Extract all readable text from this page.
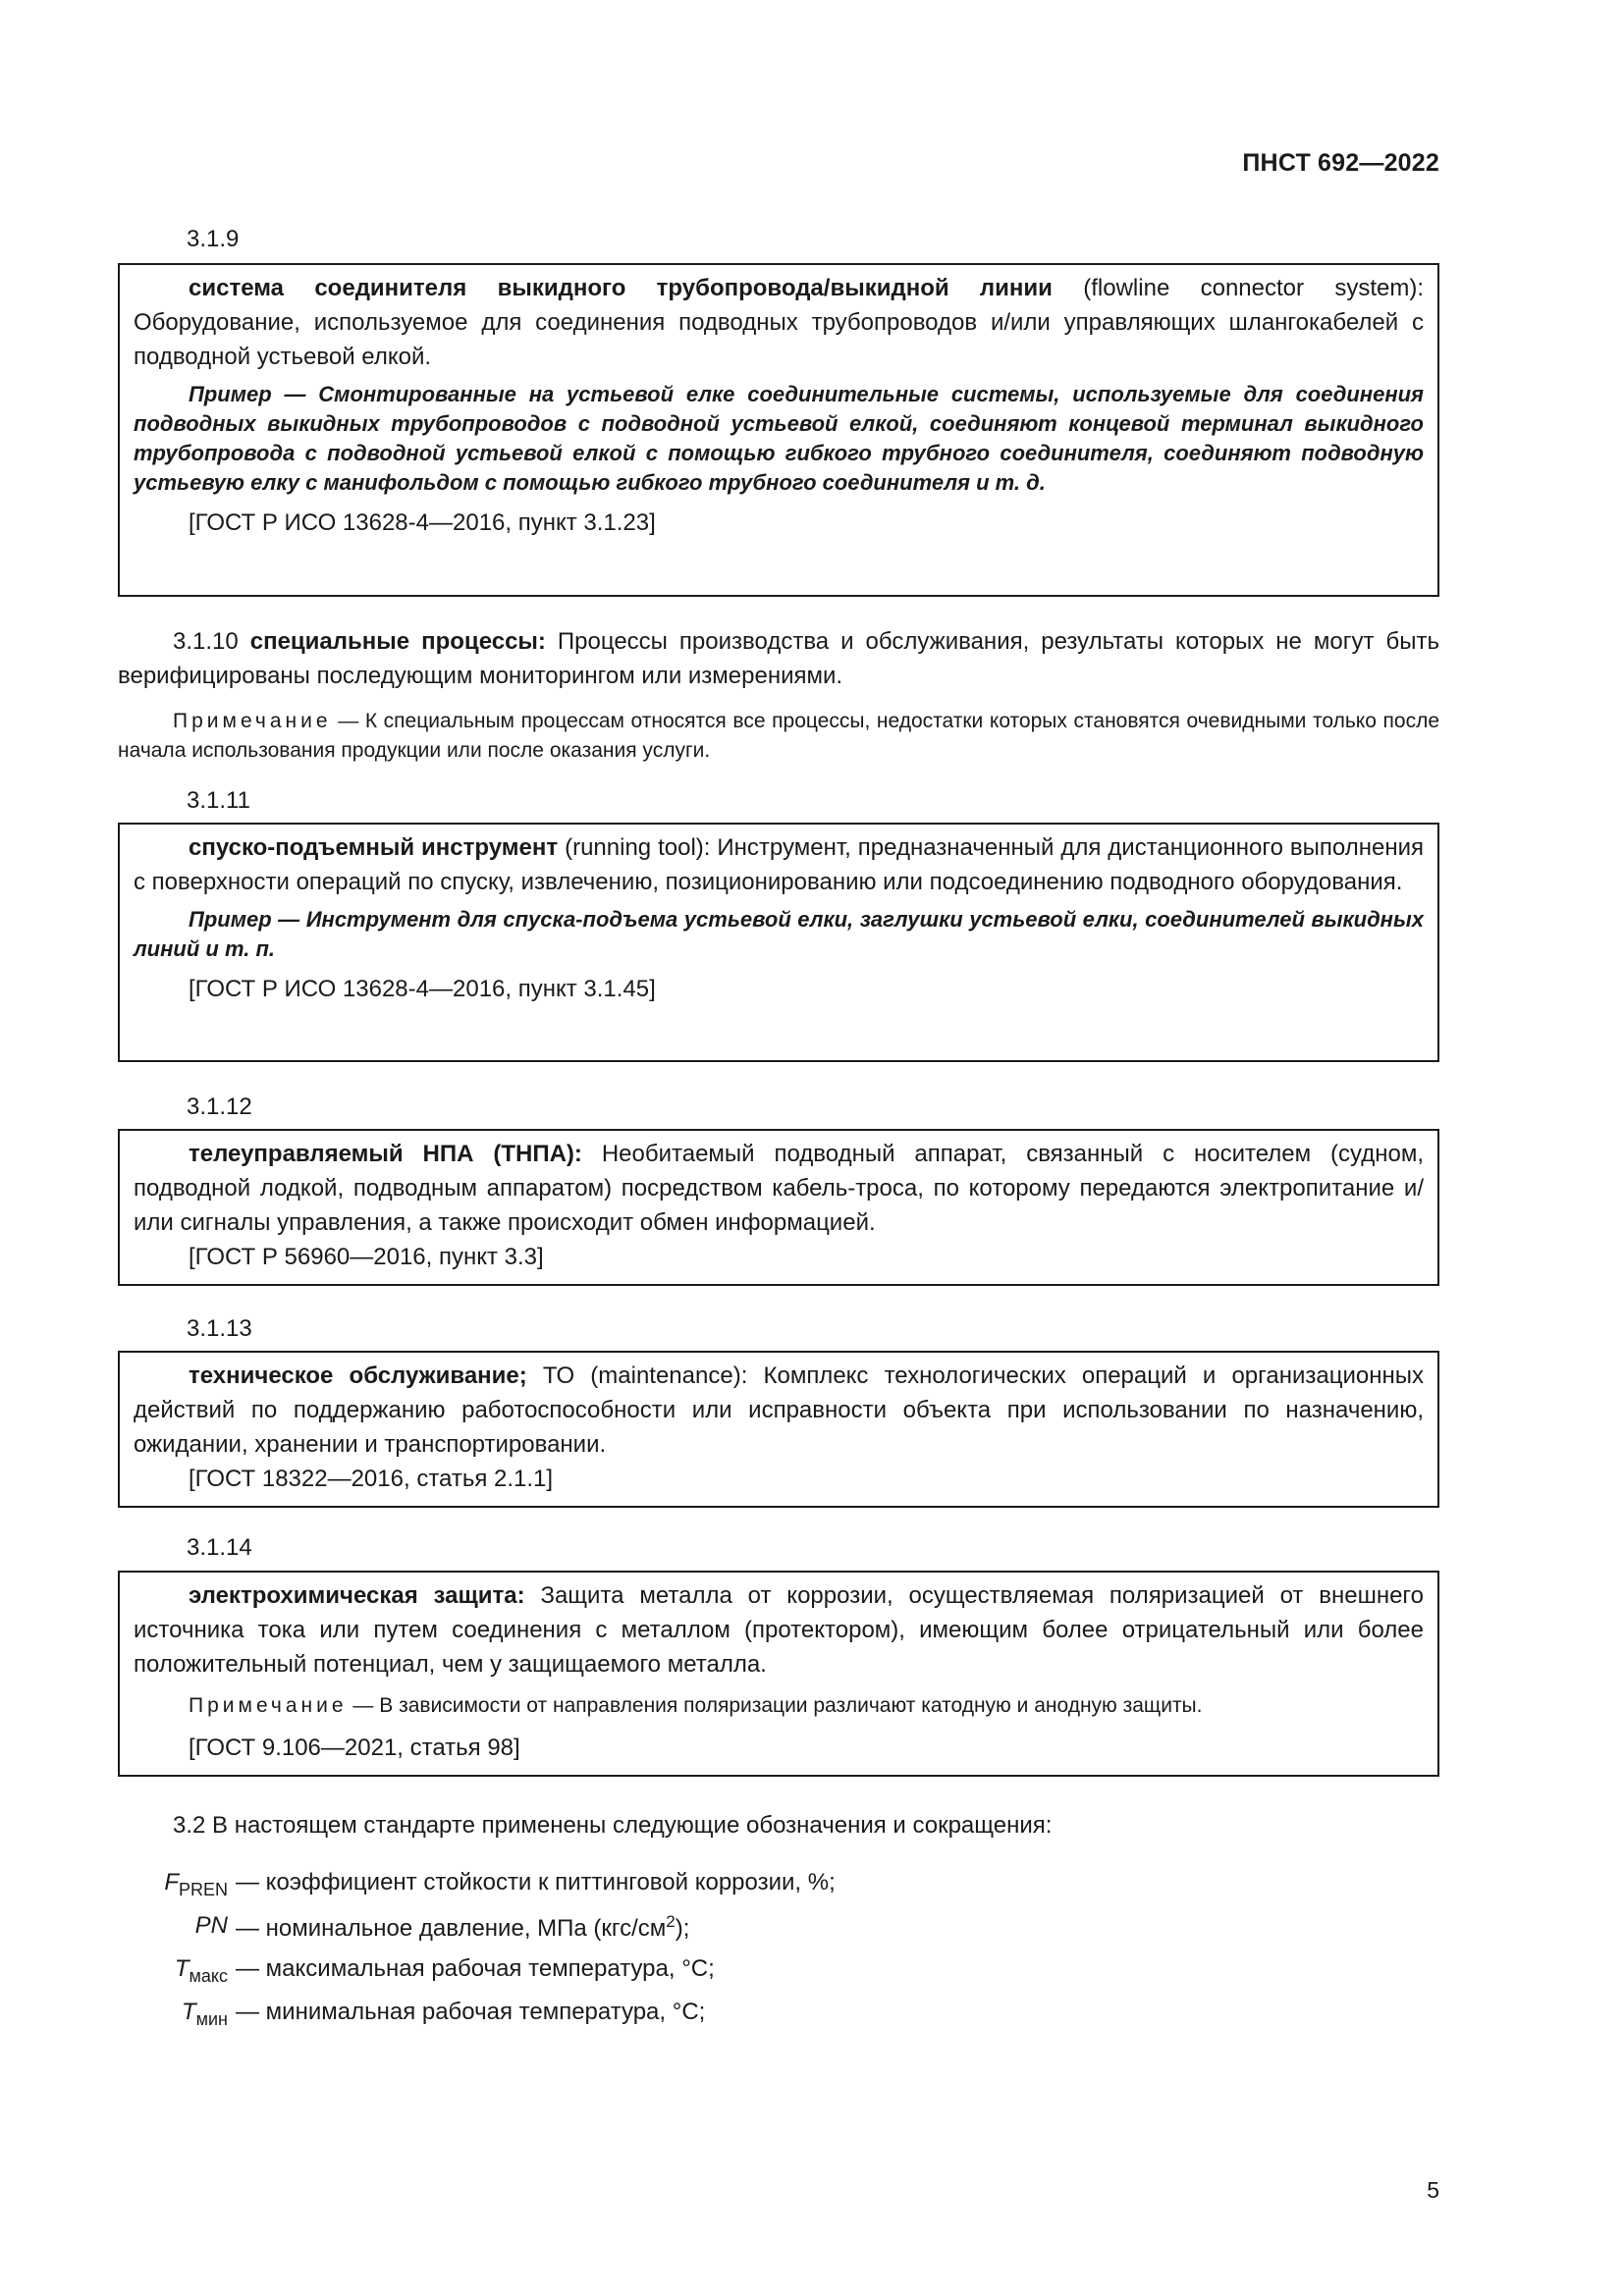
ПНСТ 692—2022
3.1.9

система соединителя выкидного трубопровода/выкидной линии (flowline connector system): Оборудование, используемое для соединения подводных трубопроводов и/или управляющих шлангокабелей с подводной устьевой елкой.

Пример — Смонтированные на устьевой елке соединительные системы, используемые для соединения подводных выкидных трубопроводов с подводной устьевой елкой, соединяют концевой терминал выкидного трубопровода с подводной устьевой елкой с помощью гибкого трубного соединителя, соединяют подводную устьевую елку с манифольдом с помощью гибкого трубного соединителя и т. д.

[ГОСТ Р ИСО 13628-4—2016, пункт 3.1.23]

3.1.10 специальные процессы: Процессы производства и обслуживания, результаты которых не могут быть верифицированы последующим мониторингом или измерениями.

Примечание — К специальным процессам относятся все процессы, недостатки которых становятся очевидными только после начала использования продукции или после оказания услуги.

3.1.11

спуско-подъемный инструмент (running tool): Инструмент, предназначенный для дистанционного выполнения с поверхности операций по спуску, извлечению, позиционированию или подсоединению подводного оборудования.

Пример — Инструмент для спуска-подъема устьевой елки, заглушки устьевой елки, соединителей выкидных линий и т. п.

[ГОСТ Р ИСО 13628-4—2016, пункт 3.1.45]

3.1.12

телеуправляемый НПА (ТНПА): Необитаемый подводный аппарат, связанный с носителем (судном, подводной лодкой, подводным аппаратом) посредством кабель-троса, по которому передаются электропитание и/или сигналы управления, а также происходит обмен информацией.

[ГОСТ Р 56960—2016, пункт 3.3]

3.1.13

техническое обслуживание; ТО (maintenance): Комплекс технологических операций и организационных действий по поддержанию работоспособности или исправности объекта при использовании по назначению, ожидании, хранении и транспортировании.

[ГОСТ 18322—2016, статья 2.1.1]

3.1.14

электрохимическая защита: Защита металла от коррозии, осуществляемая поляризацией от внешнего источника тока или путем соединения с металлом (протектором), имеющим более отрицательный или более положительный потенциал, чем у защищаемого металла.

Примечание — В зависимости от направления поляризации различают катодную и анодную защиты.

[ГОСТ 9.106—2021, статья 98]

3.2 В настоящем стандарте применены следующие обозначения и сокращения:

$F_{PREN}$ — коэффициент стойкости к питтинговой коррозии, %;
PN — номинальное давление, МПа $(кгс/см^2)$;
$T_{макс}$ — максимальная рабочая температура, °С;
$T_{мин}$ — минимальная рабочая температура, °С;
5
